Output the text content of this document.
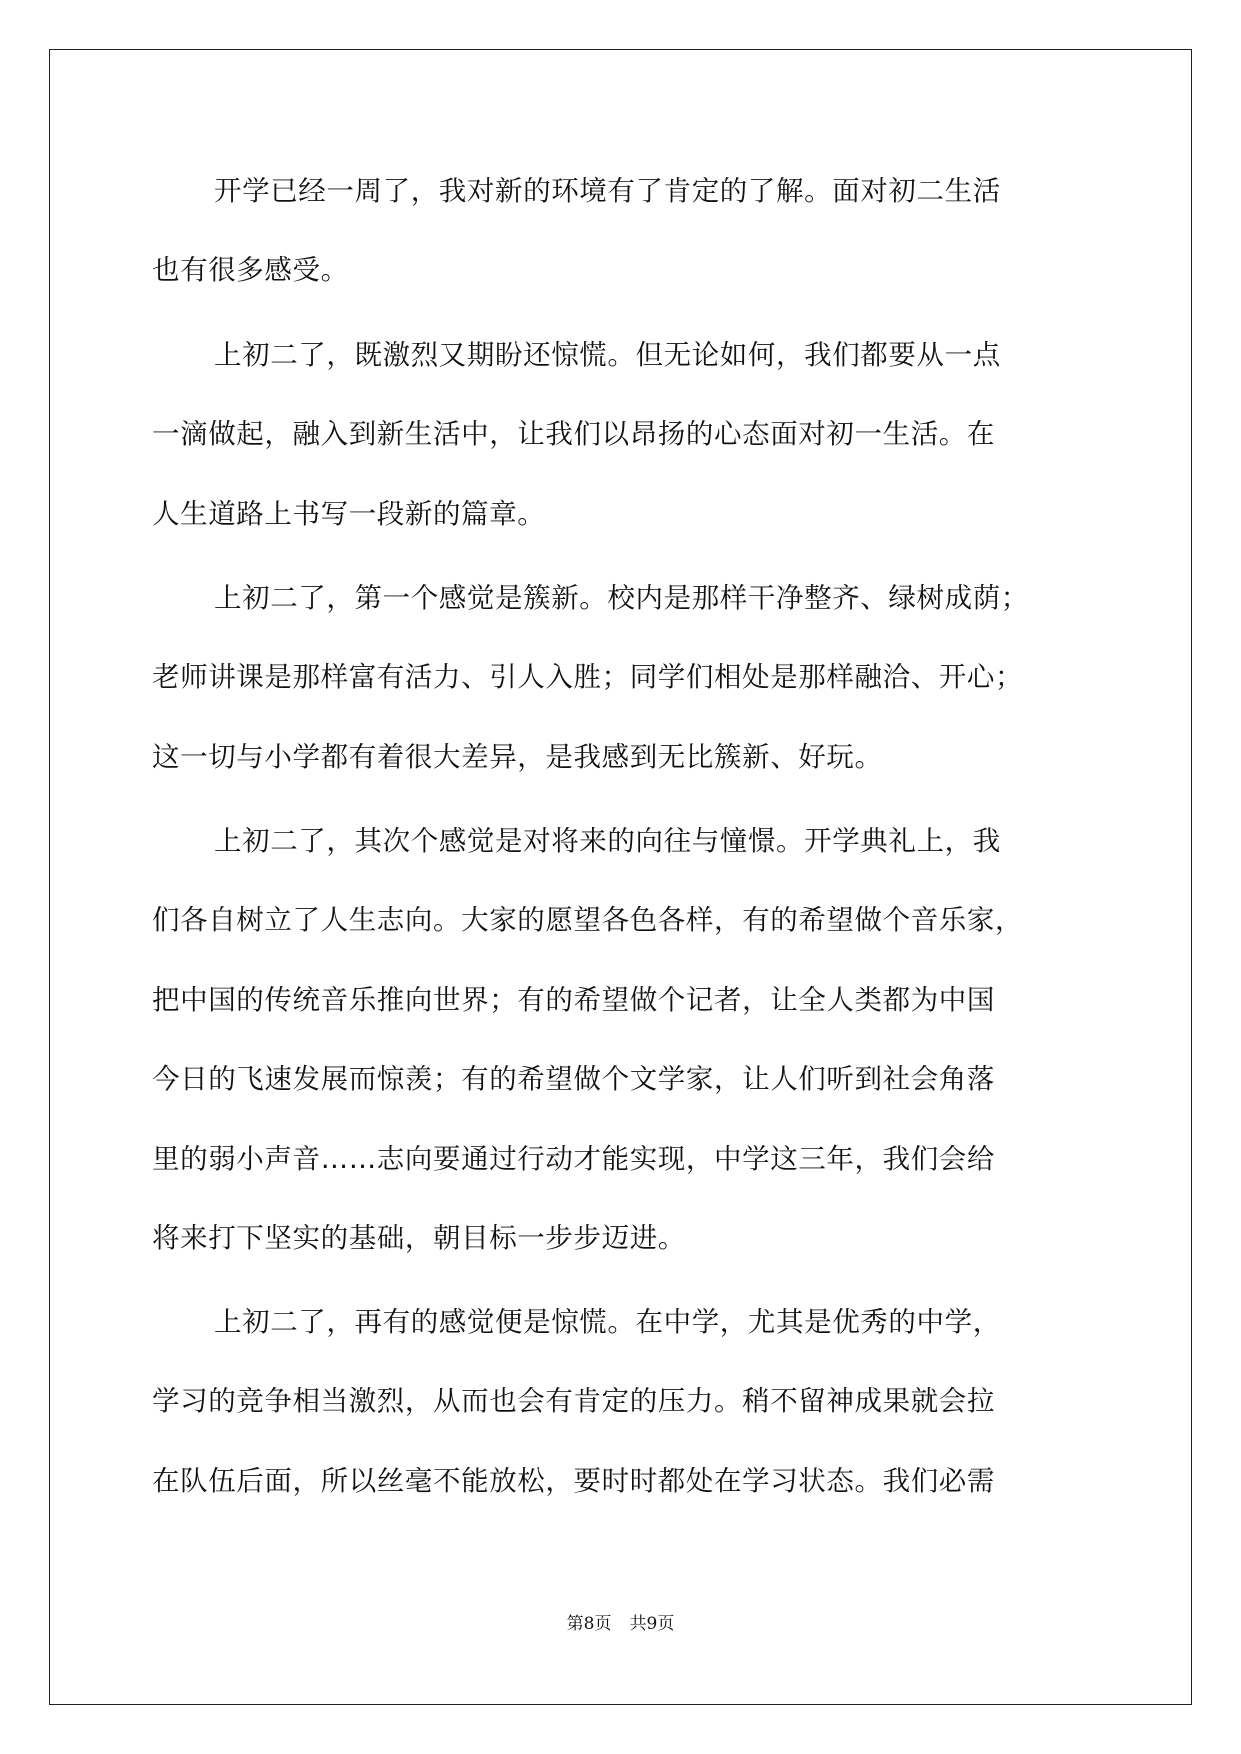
开学已经一周了，我对新的环境有了肯定的了解。面对初二生活
也有很多感受。
上初二了，既激烈又期盼还惊慌。但无论如何，我们都要从一点
一滴做起，融入到新生活中，让我们以昂扬的心态面对初一生活。在
人生道路上书写一段新的篇章。
上初二了，第一个感觉是簇新。校内是那样干净整齐、绿树成荫；
老师讲课是那样富有活力、引人入胜；同学们相处是那样融洽、开心；
这一切与小学都有着很大差异，是我感到无比簇新、好玩。
上初二了，其次个感觉是对将来的向往与憧憬。开学典礼上，我
们各自树立了人生志向。大家的愿望各色各样，有的希望做个音乐家，
把中国的传统音乐推向世界；有的希望做个记者，让全人类都为中国
今日的飞速发展而惊羡；有的希望做个文学家，让人们听到社会角落
里的弱小声音……志向要通过行动才能实现，中学这三年，我们会给
将来打下坚实的基础，朝目标一步步迈进。
上初二了，再有的感觉便是惊慌。在中学，尤其是优秀的中学，
学习的竞争相当激烈，从而也会有肯定的压力。稍不留神成果就会拉
在队伍后面，所以丝毫不能放松，要时时都处在学习状态。我们必需
第8页 共9页
